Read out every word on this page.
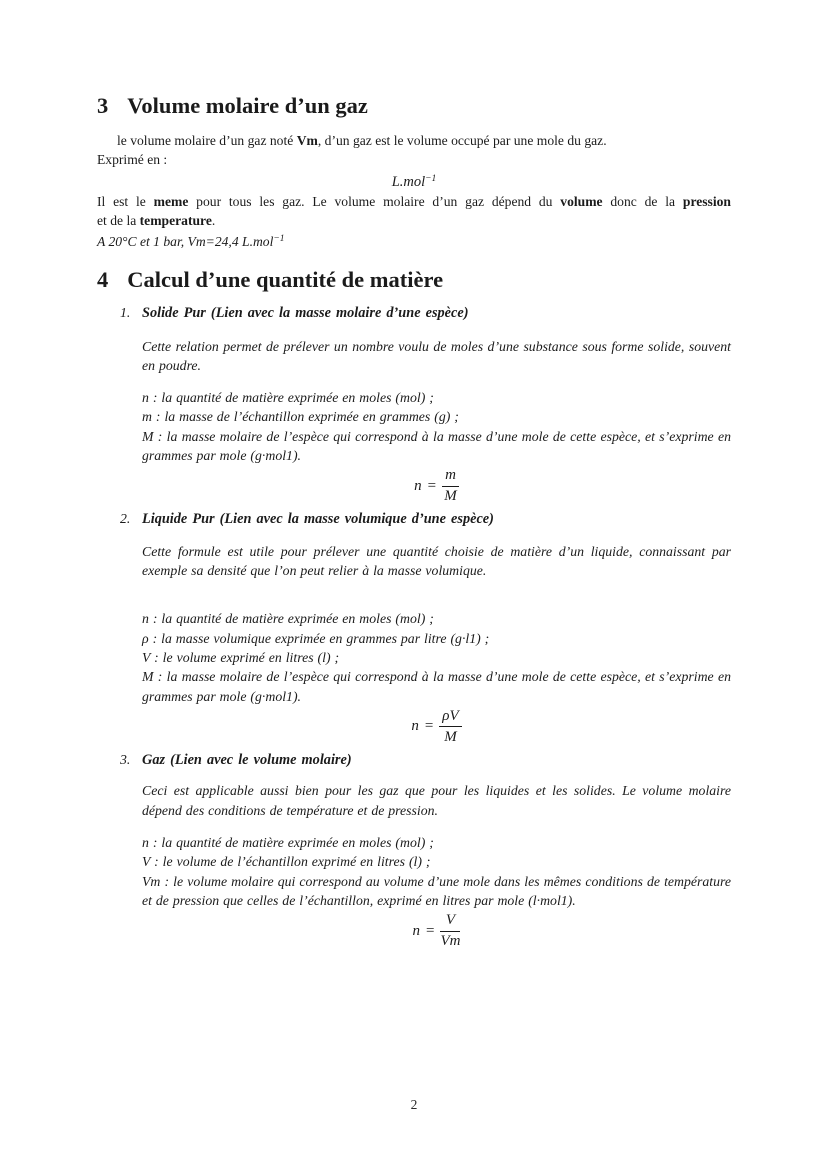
3 Volume molaire d’un gaz
le volume molaire d’un gaz noté Vm, d’un gaz est le volume occupé par une mole du gaz.
Exprimé en :
L.mol$^{-1}$
Il est le meme pour tous les gaz. Le volume molaire d’un gaz dépend du volume donc de la pression
et de la temperature.
A 20°C et 1 bar, Vm=24,4 L.mol$^{-1}$
4 Calcul d’une quantité de matière
1. Solide Pur (Lien avec la masse molaire d’une espèce)

Cette relation permet de prélever un nombre voulu de moles d’une substance sous forme solide, souvent en poudre.

n : la quantité de matière exprimée en moles (mol) ;
m : la masse de l’échantillon exprimée en grammes (g) ;
M : la masse molaire de l’espèce qui correspond à la masse d’une mole de cette espèce, et s’exprime en grammes par mole (g·mol1).
$n = \frac{m}{M}$
2. Liquide Pur (Lien avec la masse volumique d’une espèce)

Cette formule est utile pour prélever une quantité choisie de matière d’un liquide, connaissant par exemple sa densité que l’on peut relier à la masse volumique.

n : la quantité de matière exprimée en moles (mol) ;
ρ : la masse volumique exprimée en grammes par litre (g·l1) ;
V : le volume exprimé en litres (l) ;
M : la masse molaire de l’espèce qui correspond à la masse d’une mole de cette espèce, et s’exprime en grammes par mole (g·mol1).
$n = \frac{\rho V}{M}$
3. Gaz (Lien avec le volume molaire)

Ceci est applicable aussi bien pour les gaz que pour les liquides et les solides. Le volume molaire dépend des conditions de température et de pression.

n : la quantité de matière exprimée en moles (mol) ;
V : le volume de l’échantillon exprimé en litres (l) ;
Vm : le volume molaire qui correspond au volume d’une mole dans les mêmes conditions de température et de pression que celles de l’échantillon, exprimé en litres par mole (l·mol1).
$n = \frac{V}{Vm}$
2
